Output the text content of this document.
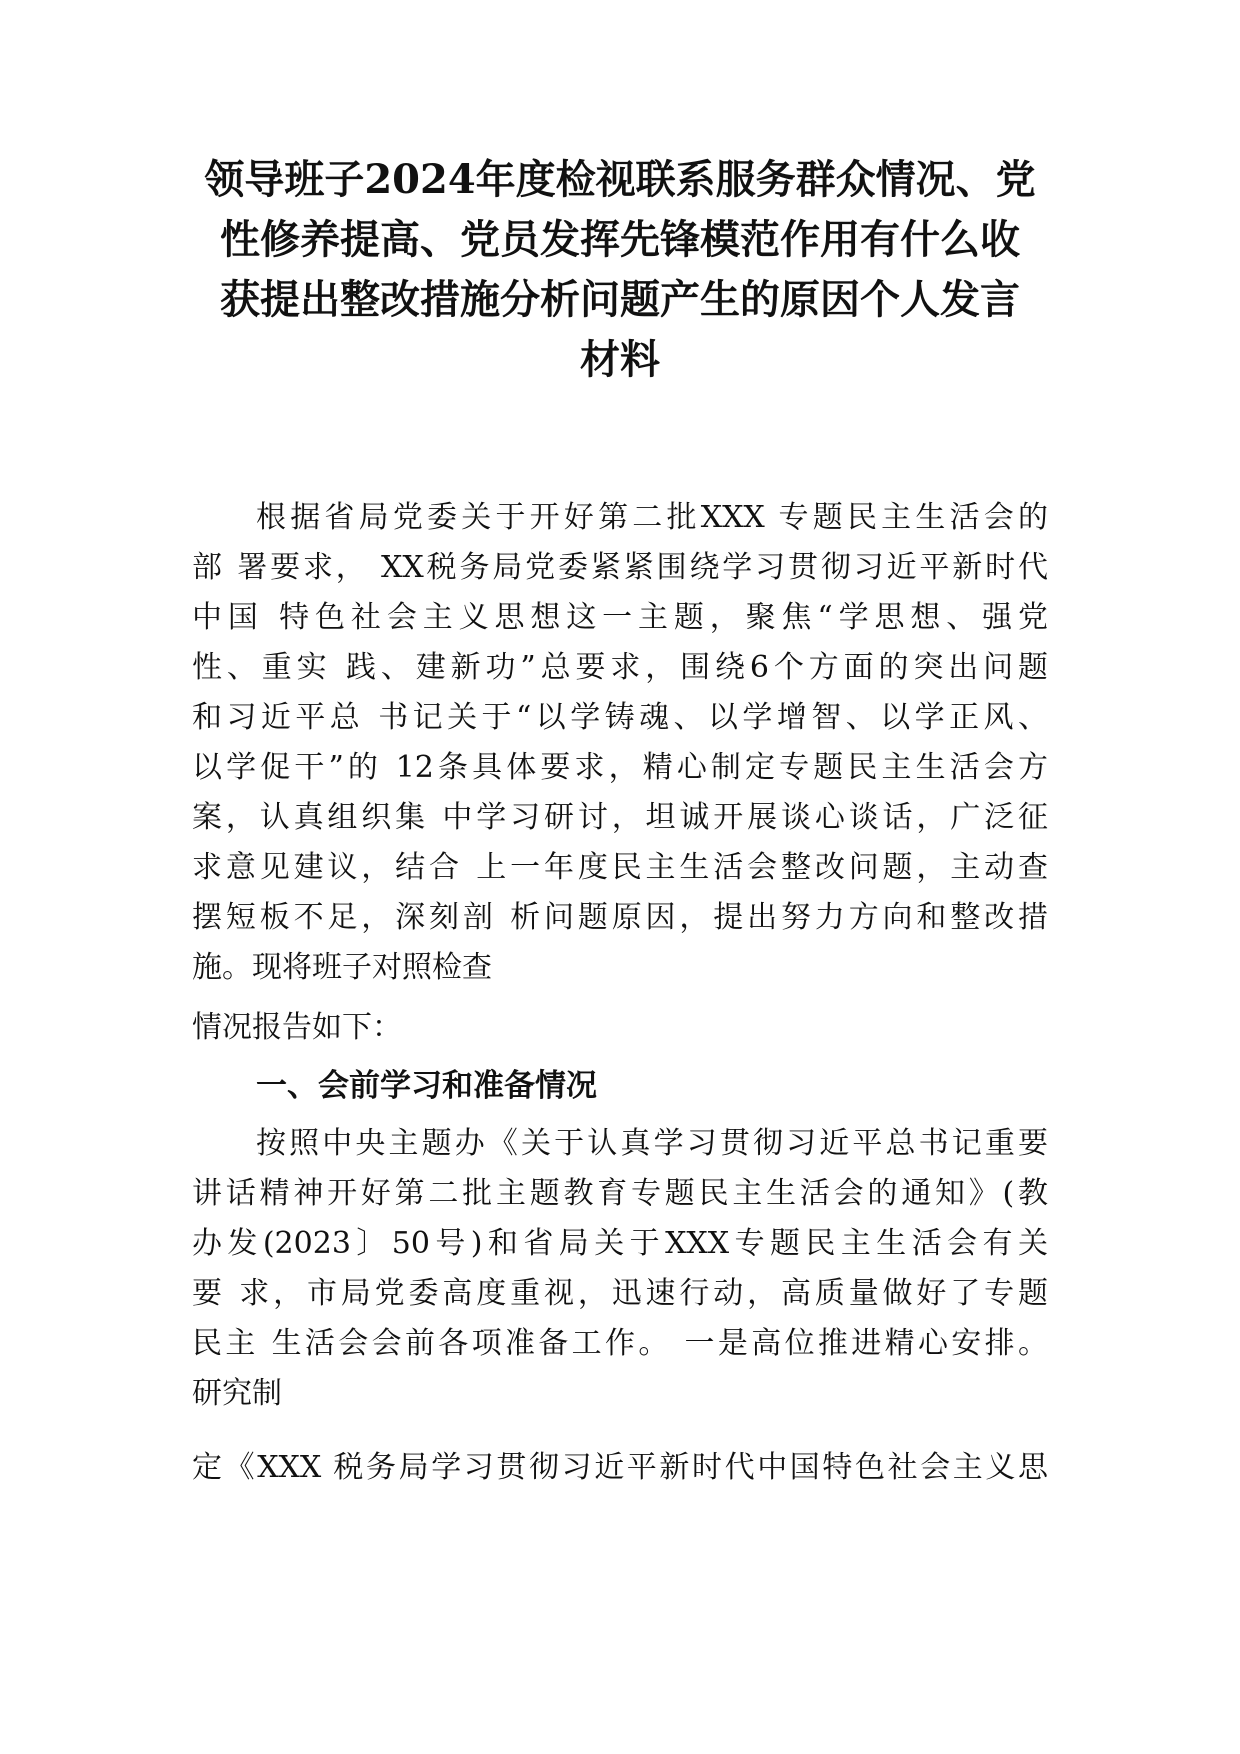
领导班子2024年度检视联系服务群众情况、党
性修养提高、党员发挥先锋模范作用有什么收
获提出整改措施分析问题产生的原因个人发言
材料
根据省局党委关于开好第二批XXX 专题民主生活会的
部 署要求， XX税务局党委紧紧围绕学习贯彻习近平新时代
中国 特色社会主义思想这一主题，聚焦“学思想、强党
性、重实 践、建新功”总要求，围绕6个方面的突出问题
和习近平总 书记关于“以学铸魂、以学增智、以学正风、
以学促干”的 12条具体要求，精心制定专题民主生活会方
案，认真组织集 中学习研讨，坦诚开展谈心谈话，广泛征
求意见建议，结合 上一年度民主生活会整改问题，主动查
摆短板不足，深刻剖 析问题原因，提出努力方向和整改措
施。现将班子对照检查
情况报告如下：
一、会前学习和准备情况
按照中央主题办《关于认真学习贯彻习近平总书记重要
讲话精神开好第二批主题教育专题民主生活会的通知》(教
办发(2023〕50号)和省局关于XXX专题民主生活会有关
要 求，市局党委高度重视，迅速行动，高质量做好了专题
民主 生活会会前各项准备工作。 一是高位推进精心安排。
研究制
定《XXX 税务局学习贯彻习近平新时代中国特色社会主义思
